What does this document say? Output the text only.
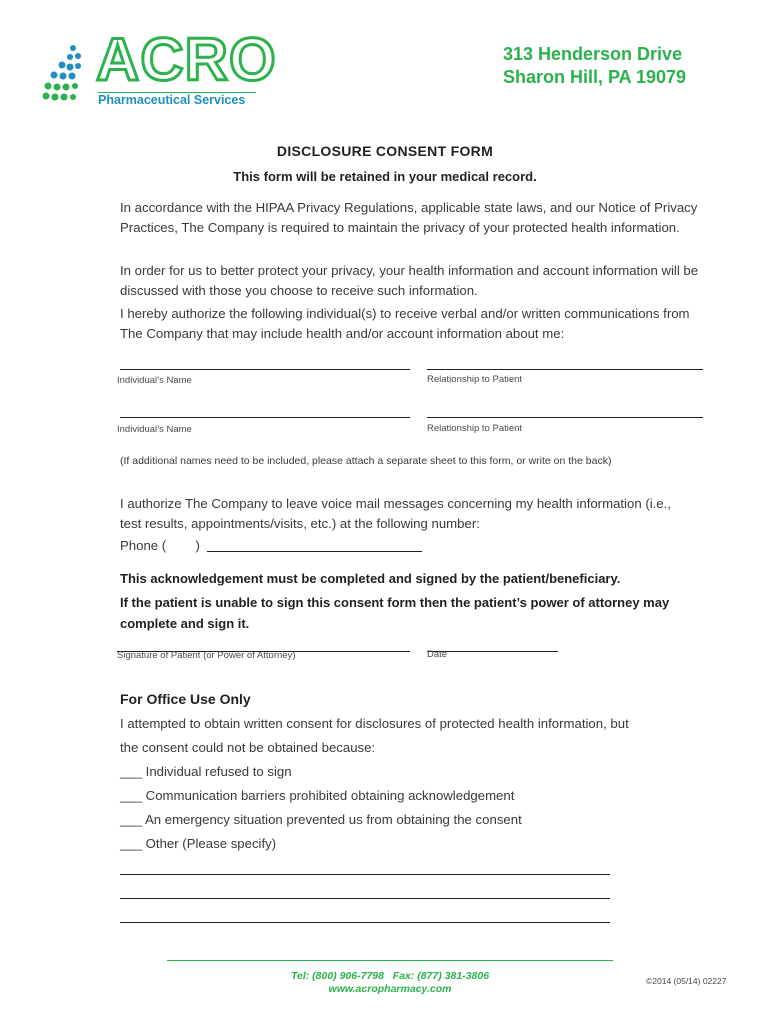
ACRO
Pharmaceutical Services
313 Henderson Drive
Sharon Hill, PA 19079
DISCLOSURE CONSENT FORM
This form will be retained in your medical record.
In accordance with the HIPAA Privacy Regulations, applicable state laws, and our Notice of Privacy Practices, The Company is required to maintain the privacy of your protected health information.
In order for us to better protect your privacy, your health information and account information will be discussed with those you choose to receive such information.
I hereby authorize the following individual(s) to receive verbal and/or written communications from The Company that may include health and/or account information about me:
Individual’s Name	Relationship to Patient
Individual’s Name	Relationship to Patient
(If additional names need to be included, please attach a separate sheet to this form, or write on the back)
I authorize The Company to leave voice mail messages concerning my health information (i.e., test results, appointments/visits, etc.) at the following number:
Phone (        )
This acknowledgement must be completed and signed by the patient/beneficiary.
If the patient is unable to sign this consent form then the patient’s power of attorney may complete and sign it.
Signature of Patient (or Power of Attorney)	Date
For Office Use Only
I attempted to obtain written consent for disclosures of protected health information, but
the consent could not be obtained because:
___ Individual refused to sign
___ Communication barriers prohibited obtaining acknowledgement
___ An emergency situation prevented us from obtaining the consent
___ Other (Please specify)
Tel: (800) 906-7798   Fax: (877) 381-3806
www.acropharmacy.com
©2014 (05/14) 02227
